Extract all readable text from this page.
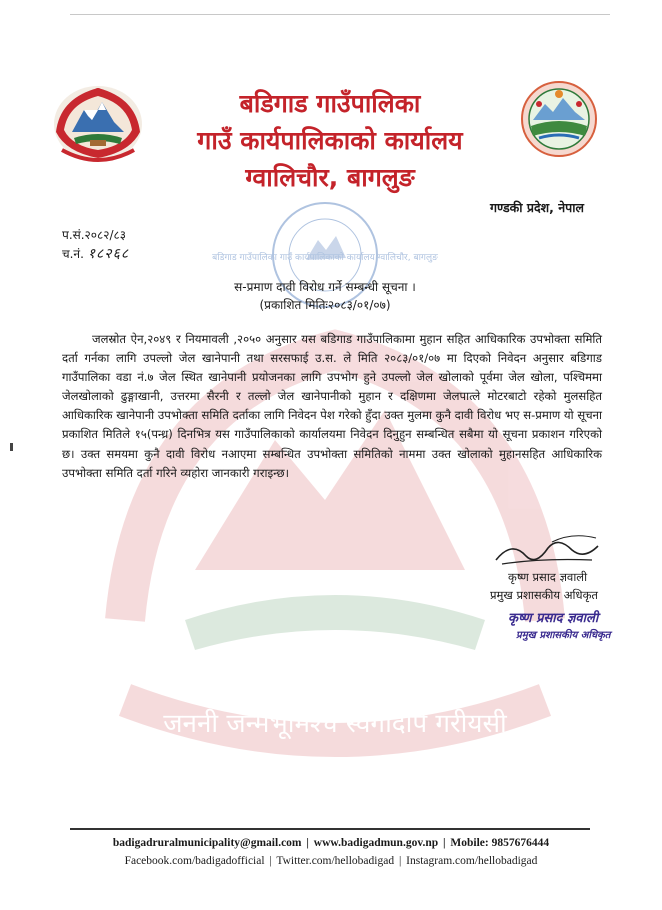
बडिगाड गाउँपालिका
गाउँ कार्यपालिकाको कार्यालय
ग्वालिचौर, बागलुङ
गण्डकी प्रदेश, नेपाल
प.सं.२०८२/८३
च.नं. १८२६८	बडिगाड गाउँपालिका गाउँ कार्यपालिकाको कार्यालय ग्वालिचौर, बागलुङ
स-प्रमाण दावी विरोध गर्ने सम्बन्धी सूचना ।
(प्रकाशित मितिः२०८३/०१/०७)
जननी जन्मभूमिश्च स्वर्गादपि गरीयसी

जलस्रोत ऐन,२०४९ र नियमावली ,२०५० अनुसार यस बडिगाड गाउँपालिकामा मुहान सहित आधिकारिक उपभोक्ता समिति दर्ता गर्नका लागि उपल्लो जेल खानेपानी तथा सरसफाई उ.स. ले मिति २०८३/०१/०७ मा दिएको निवेदन अनुसार बडिगाड गाउँपालिका वडा नं.७ जेल स्थित खानेपानी प्रयोजनका लागि उपभोग हुने उपल्लो जेल खोलाको पूर्वमा जेल खोला, पश्चिममा जेलखोलाको ढुङ्गाखानी, उत्तरमा सैरनी र तल्लो जेल खानेपानीको मुहान र दक्षिणमा जेलपात्ले मोटरबाटो रहेको मुलसहित आधिकारिक खानेपानी उपभोक्ता समिति दर्ताका लागि निवेदन पेश गरेको हुँदा उक्त मुलमा कुनै दावी विरोध भए स-प्रमाण यो सूचना प्रकाशित मितिले १५(पन्ध्र) दिनभित्र यस गाउँपालिकाको कार्यालयमा निवेदन दिनुहुन सम्बन्धित सबैमा यो सूचना प्रकाशन गरिएको छ। उक्त समयमा कुनै दावी विरोध नआएमा सम्बन्धित उपभोक्ता समितिको नाममा उक्त खोलाको मुहानसहित आधिकारिक उपभोक्ता समिति दर्ता गरिने व्यहोरा जानकारी गराइन्छ।

कृष्ण प्रसाद ज्ञवाली
प्रमुख प्रशासकीय अधिकृत
कृष्ण प्रसाद ज्ञवाली
प्रमुख प्रशासकीय अधिकृत
badigadruralmunicipality@gmail.com | www.badigadmun.gov.np | Mobile: 9857676444
Facebook.com/badigadofficial | Twitter.com/hellobadigad | Instagram.com/hellobadigad
